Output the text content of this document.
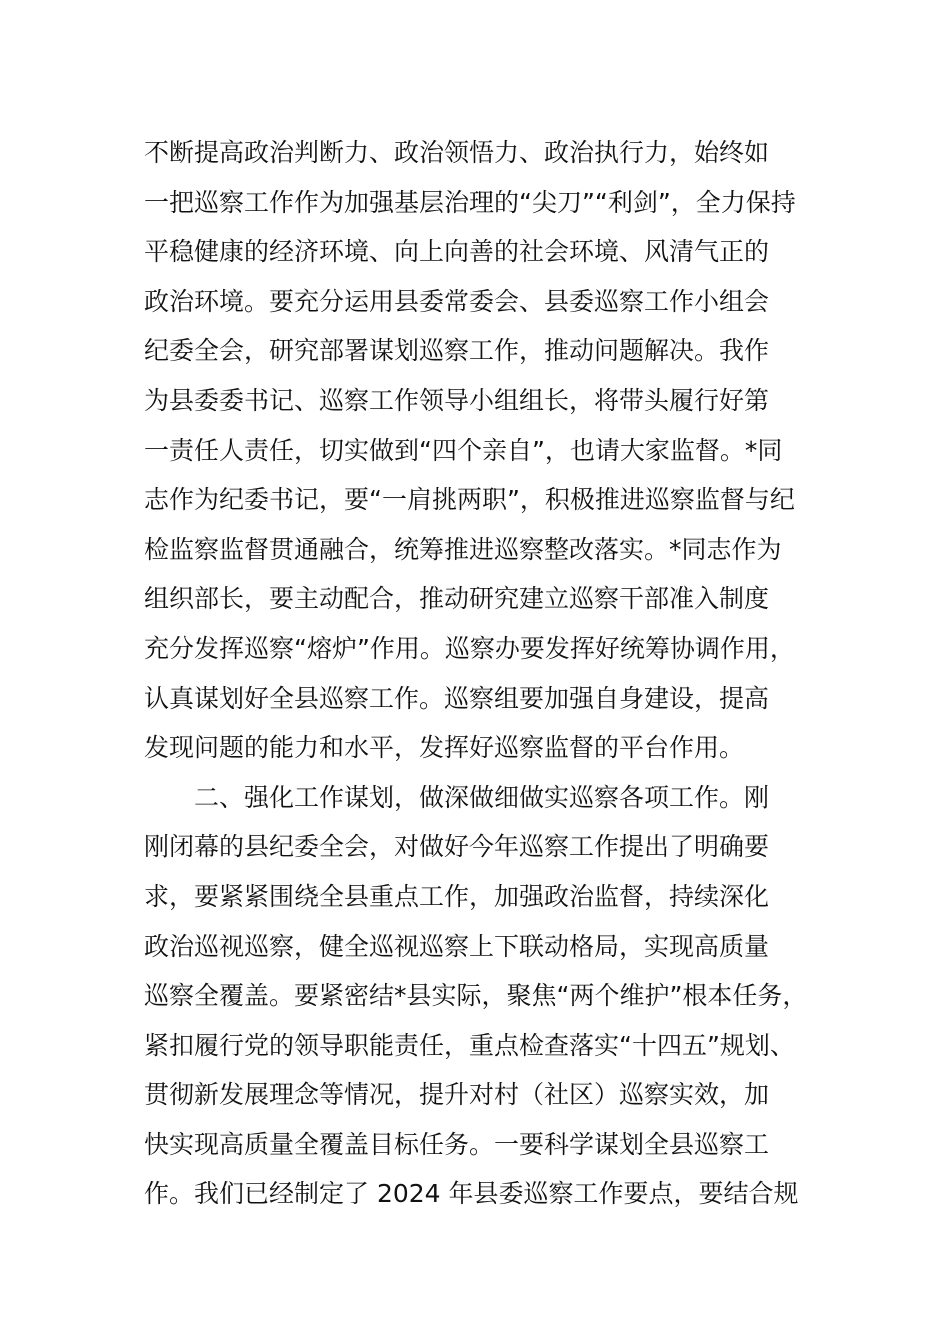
不断提高政治判断力、政治领悟力、政治执行力，始终如
一把巡察工作作为加强基层治理的“尖刀”“利剑”，全力保持
平稳健康的经济环境、向上向善的社会环境、风清气正的
政治环境。要充分运用县委常委会、县委巡察工作小组会
纪委全会，研究部署谋划巡察工作，推动问题解决。我作
为县委委书记、巡察工作领导小组组长，将带头履行好第
一责任人责任，切实做到“四个亲自”，也请大家监督。*同
志作为纪委书记，要“一肩挑两职”，积极推进巡察监督与纪
检监察监督贯通融合，统筹推进巡察整改落实。*同志作为
组织部长，要主动配合，推动研究建立巡察干部准入制度
充分发挥巡察“熔炉”作用。巡察办要发挥好统筹协调作用，
认真谋划好全县巡察工作。巡察组要加强自身建设，提高
发现问题的能力和水平，发挥好巡察监督的平台作用。
二、强化工作谋划，做深做细做实巡察各项工作。刚
刚闭幕的县纪委全会，对做好今年巡察工作提出了明确要
求，要紧紧围绕全县重点工作，加强政治监督，持续深化
政治巡视巡察，健全巡视巡察上下联动格局，实现高质量
巡察全覆盖。要紧密结*县实际，聚焦“两个维护”根本任务，
紧扣履行党的领导职能责任，重点检查落实“十四五”规划、
贯彻新发展理念等情况，提升对村（社区）巡察实效，加
快实现高质量全覆盖目标任务。一要科学谋划全县巡察工
作。我们已经制定了 2024 年县委巡察工作要点，要结合规
